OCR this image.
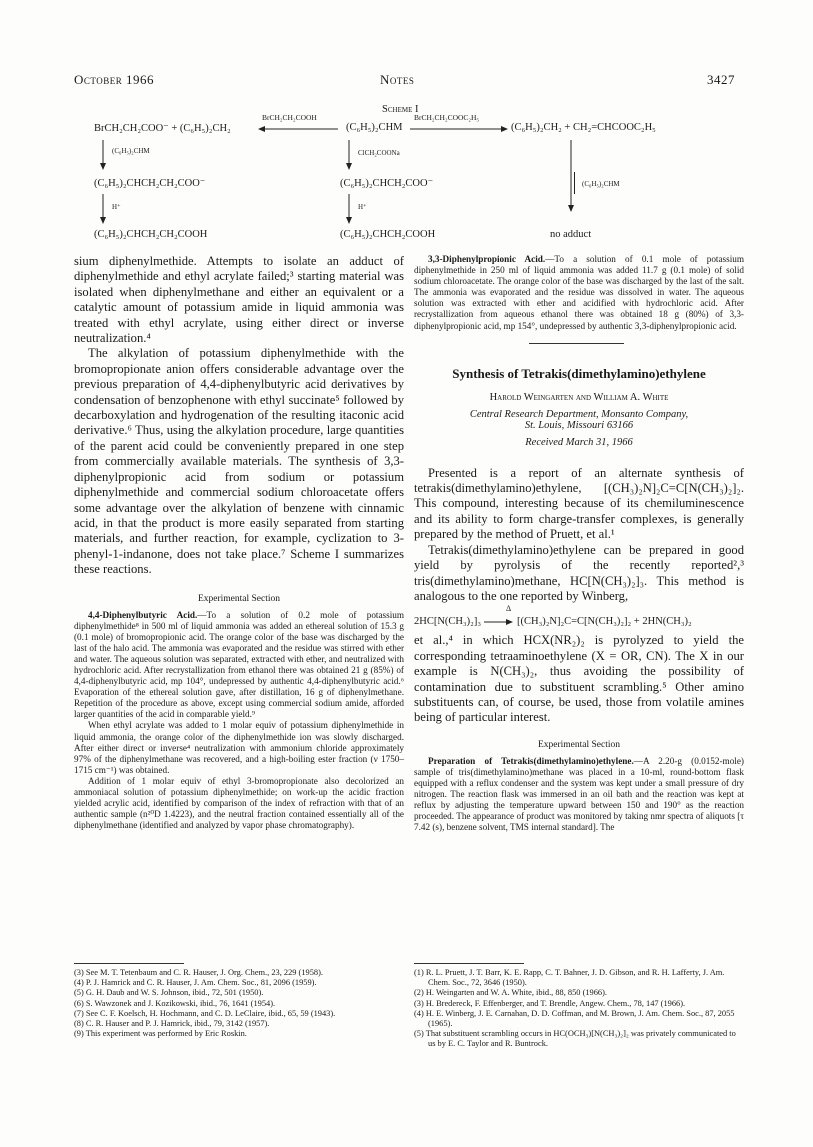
October 1966	Notes	3427
Scheme I
BrCH₂CH₂COO⁻ + (C₆H₅)₂CH₂
BrCH₂CH₂COOH
(C₆H₅)₂CHM
BrCH₂CH₂COOC₂H₅
(C₆H₅)₂CH₂ + CH₂=CHCOOC₂H₅
(C₆H₅)₂CHM	ClCH₂COONa
(C₆H₅)₂CHM
(C₆H₅)₂CHCH₂CH₂COO⁻	(C₆H₅)₂CHCH₂COO⁻
H⁺	H⁺
(C₆H₅)₂CHCH₂CH₂COOH	(C₆H₅)₂CHCH₂COOH	no adduct

sium diphenylmethide. Attempts to isolate an adduct of diphenylmethide and ethyl acrylate failed;³ starting material was isolated when diphenylmethane and either an equivalent or a catalytic amount of potassium amide in liquid ammonia was treated with ethyl acrylate, using either direct or inverse neutralization.⁴

The alkylation of potassium diphenylmethide with the bromopropionate anion offers considerable advantage over the previous preparation of 4,4-diphenylbutyric acid derivatives by condensation of benzophenone with ethyl succinate⁵ followed by decarboxylation and hydrogenation of the resulting itaconic acid derivative.⁶ Thus, using the alkylation procedure, large quantities of the parent acid could be conveniently prepared in one step from commercially available materials. The synthesis of 3,3-diphenylpropionic acid from sodium or potassium diphenylmethide and commercial sodium chloroacetate offers some advantage over the alkylation of benzene with cinnamic acid, in that the product is more easily separated from starting materials, and further reaction, for example, cyclization to 3-phenyl-1-indanone, does not take place.⁷ Scheme I summarizes these reactions.

Experimental Section

4,4-Diphenylbutyric Acid.—To a solution of 0.2 mole of potassium diphenylmethide⁸ in 500 ml of liquid ammonia was added an ethereal solution of 15.3 g (0.1 mole) of bromopropionic acid. The orange color of the base was discharged by the last of the halo acid. The ammonia was evaporated and the residue was stirred with ether and water. The aqueous solution was separated, extracted with ether, and neutralized with hydrochloric acid. After recrystallization from ethanol there was obtained 21 g (85%) of 4,4-diphenylbutyric acid, mp 104°, undepressed by authentic 4,4-diphenylbutyric acid.⁶ Evaporation of the ethereal solution gave, after distillation, 16 g of diphenylmethane. Repetition of the procedure as above, except using commercial sodium amide, afforded larger quantities of the acid in comparable yield.⁹

When ethyl acrylate was added to 1 molar equiv of potassium diphenylmethide in liquid ammonia, the orange color of the diphenylmethide ion was slowly discharged. After either direct or inverse⁴ neutralization with ammonium chloride approximately 97% of the diphenylmethane was recovered, and a high-boiling ester fraction (ν 1750–1715 cm⁻¹) was obtained.

Addition of 1 molar equiv of ethyl 3-bromopropionate also decolorized an ammoniacal solution of potassium diphenylmethide; on work-up the acidic fraction yielded acrylic acid, identified by comparison of the index of refraction with that of an authentic sample (n²⁰D 1.4223), and the neutral fraction contained essentially all of the diphenylmethane (identified and analyzed by vapor phase chromatography).

(3) See M. T. Tetenbaum and C. R. Hauser, J. Org. Chem., 23, 229 (1958).

(4) P. J. Hamrick and C. R. Hauser, J. Am. Chem. Soc., 81, 2096 (1959).

(5) G. H. Daub and W. S. Johnson, ibid., 72, 501 (1950).

(6) S. Wawzonek and J. Kozikowski, ibid., 76, 1641 (1954).

(7) See C. F. Koelsch, H. Hochmann, and C. D. LeClaire, ibid., 65, 59 (1943).

(8) C. R. Hauser and P. J. Hamrick, ibid., 79, 3142 (1957).

(9) This experiment was performed by Eric Roskin.

3,3-Diphenylpropionic Acid.—To a solution of 0.1 mole of potassium diphenylmethide in 250 ml of liquid ammonia was added 11.7 g (0.1 mole) of solid sodium chloroacetate. The orange color of the base was discharged by the last of the salt. The ammonia was evaporated and the residue was dissolved in water. The aqueous solution was extracted with ether and acidified with hydrochloric acid. After recrystallization from aqueous ethanol there was obtained 18 g (80%) of 3,3-diphenylpropionic acid, mp 154°, undepressed by authentic 3,3-diphenylpropionic acid.

Synthesis of Tetrakis(dimethylamino)ethylene

Harold Weingarten and William A. White

Central Research Department, Monsanto Company,

St. Louis, Missouri 63166

Received March 31, 1966

Presented is a report of an alternate synthesis of tetrakis(dimethylamino)ethylene, [(CH₃)₂N]₂C=C[N(CH₃)₂]₂. This compound, interesting because of its chemiluminescence and its ability to form charge-transfer complexes, is generally prepared by the method of Pruett, et al.¹

Tetrakis(dimethylamino)ethylene can be prepared in good yield by pyrolysis of the recently reported²,³ tris(dimethylamino)methane, HC[N(CH₃)₂]₃. This method is analogous to the one reported by Winberg,

Δ
2HC[N(CH₃)₂]₃	[(CH₃)₂N]₂C=C[N(CH₃)₂]₂ + 2HN(CH₃)₂

et al.,⁴ in which HCX(NR₂)₂ is pyrolyzed to yield the corresponding tetraaminoethylene (X = OR, CN). The X in our example is N(CH₃)₂, thus avoiding the possibility of contamination due to substituent scrambling.⁵ Other amino substituents can, of course, be used, those from volatile amines being of particular interest.

Experimental Section

Preparation of Tetrakis(dimethylamino)ethylene.—A 2.20-g (0.0152-mole) sample of tris(dimethylamino)methane was placed in a 10-ml, round-bottom flask equipped with a reflux condenser and the system was kept under a small pressure of dry nitrogen. The reaction flask was immersed in an oil bath and the reaction was kept at reflux by adjusting the temperature upward between 150 and 190° as the reaction proceeded. The appearance of product was monitored by taking nmr spectra of aliquots [τ 7.42 (s), benzene solvent, TMS internal standard]. The

(1) R. L. Pruett, J. T. Barr, K. E. Rapp, C. T. Bahner, J. D. Gibson, and R. H. Lafferty, J. Am. Chem. Soc., 72, 3646 (1950).

(2) H. Weingarten and W. A. White, ibid., 88, 850 (1966).

(3) H. Bredereck, F. Effenberger, and T. Brendle, Angew. Chem., 78, 147 (1966).

(4) H. E. Winberg, J. E. Carnahan, D. D. Coffman, and M. Brown, J. Am. Chem. Soc., 87, 2055 (1965).

(5) That substituent scrambling occurs in HC(OCH₃)[N(CH₃)₂]₂ was privately communicated to us by E. C. Taylor and R. Buntrock.
